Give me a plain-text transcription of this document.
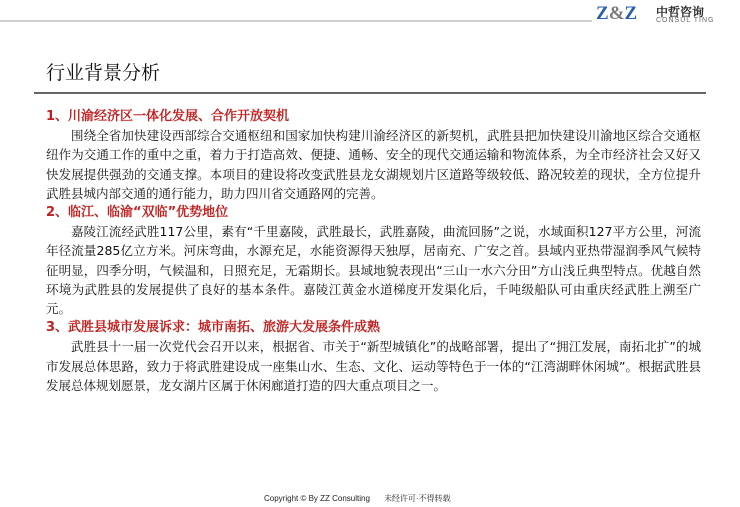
Z&Z 中哲咨询
CONSUL TING
行业背景分析
1、川渝经济区一体化发展、合作开放契机

围绕全省加快建设西部综合交通枢纽和国家加快构建川渝经济区的新契机，武胜县把加快建设川渝地区综合交通枢纽作为交通工作的重中之重，着力于打造高效、便捷、通畅、安全的现代交通运输和物流体系，为全市经济社会又好又快发展提供强劲的交通支撑。本项目的建设将改变武胜县龙女湖规划片区道路等级较低、路况较差的现状，全方位提升武胜县城内部交通的通行能力，助力四川省交通路网的完善。

2、临江、临渝“双临”优势地位

嘉陵江流经武胜117公里，素有“千里嘉陵，武胜最长，武胜嘉陵，曲流回肠”之说，水域面积127平方公里，河流年径流量285亿立方米。河床弯曲，水源充足，水能资源得天独厚，居南充、广安之首。县域内亚热带湿润季风气候特征明显，四季分明，气候温和，日照充足，无霜期长。县域地貌表现出“三山一水六分田”方山浅丘典型特点。优越自然环境为武胜县的发展提供了良好的基本条件。嘉陵江黄金水道梯度开发渠化后，千吨级船队可由重庆经武胜上溯至广元。

3、武胜县城市发展诉求：城市南拓、旅游大发展条件成熟

武胜县十一届一次党代会召开以来，根据省、市关于“新型城镇化”的战略部署，提出了“拥江发展，南拓北扩”的城市发展总体思路，致力于将武胜建设成一座集山水、生态、文化、运动等特色于一体的“江湾湖畔休闲城”。根据武胜县发展总体规划愿景，龙女湖片区属于休闲廊道打造的四大重点项目之一。

Copyright © By ZZ Consulting 未经许可·不得转载
